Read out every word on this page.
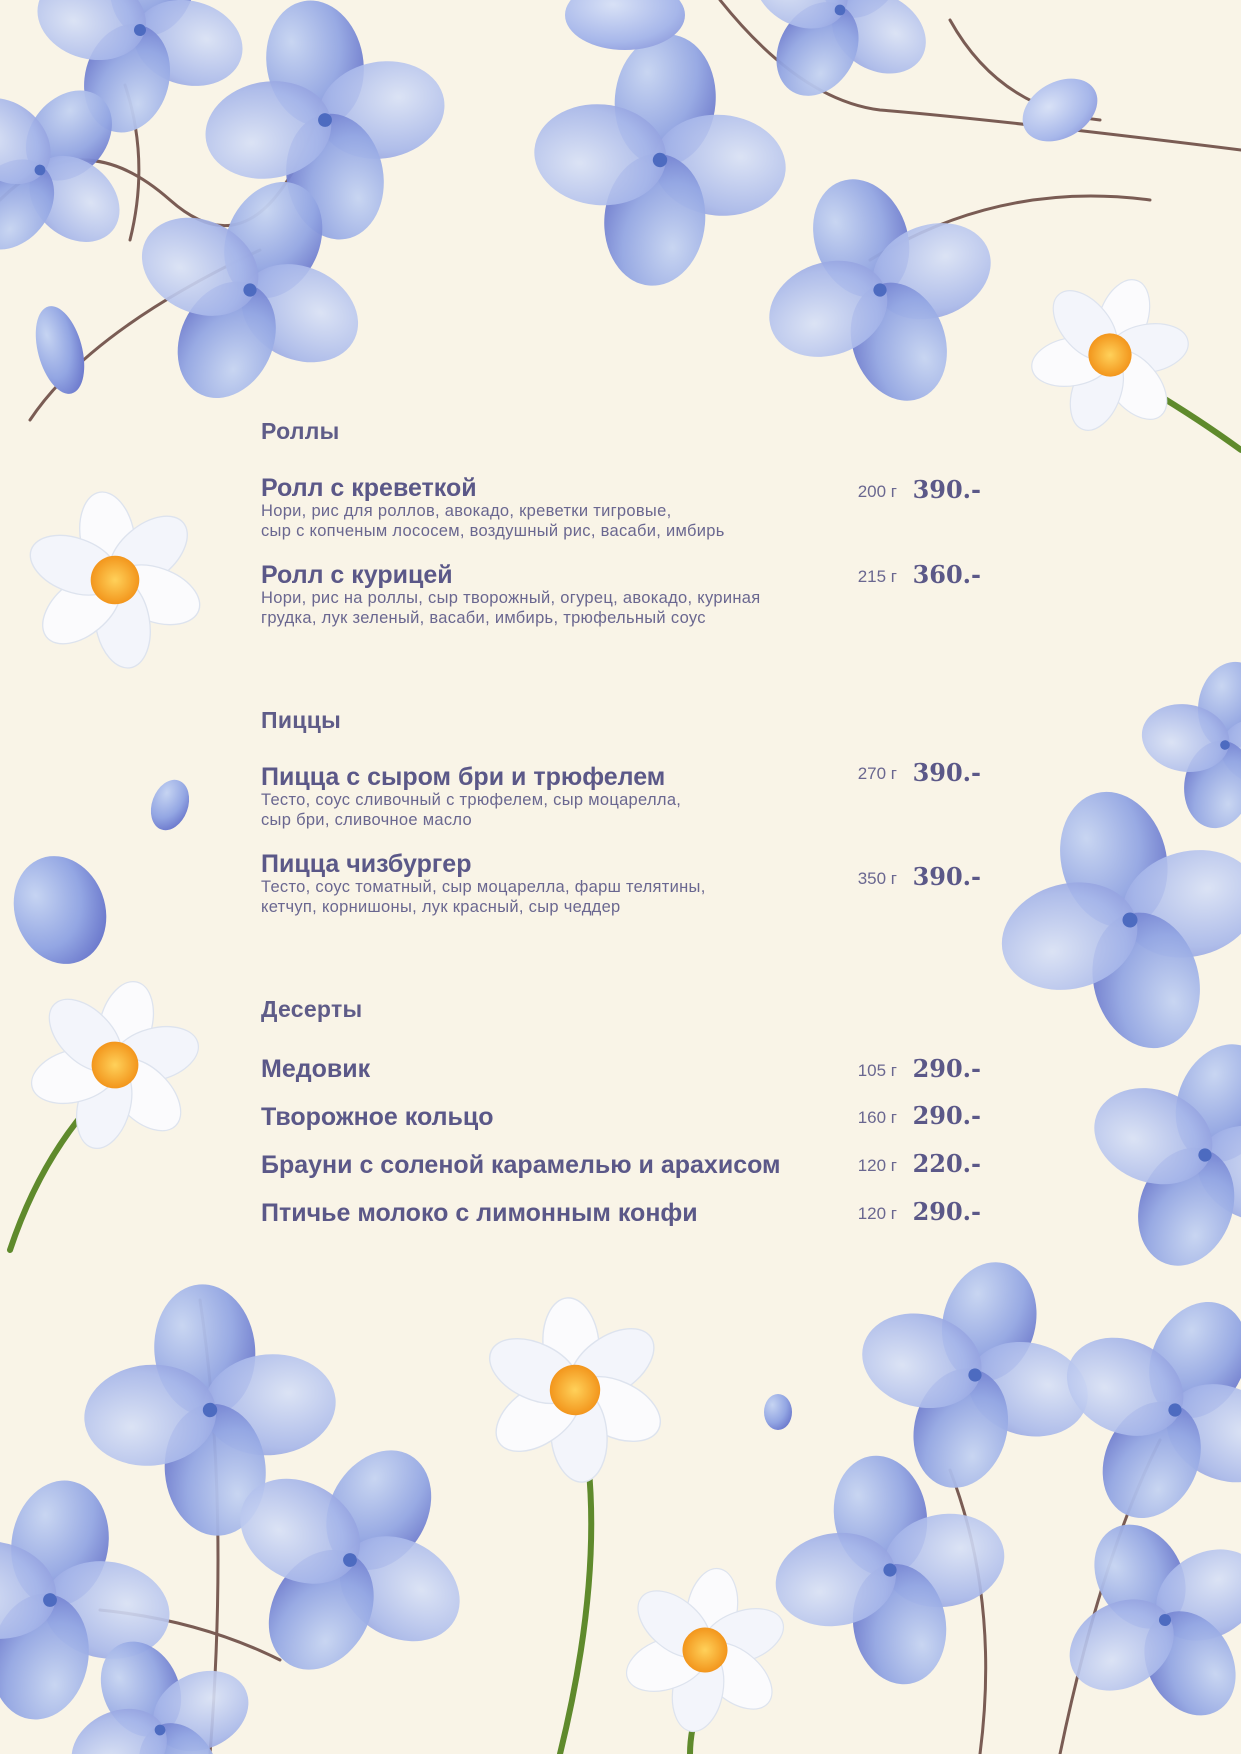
Роллы
Ролл с креветкой
Нори, рис для роллов, авокадо, креветки тигровые,
сыр с копченым лососем, воздушный рис, васаби, имбирь
200 г 390.-
Ролл с курицей
Нори, рис на роллы, сыр творожный, огурец, авокадо, куриная
грудка, лук зеленый, васаби, имбирь, трюфельный соус
215 г 360.-
Пиццы
Пицца с сыром бри и трюфелем
Тесто, соус сливочный с трюфелем, сыр моцарелла,
сыр бри, сливочное масло
270 г 390.-
Пицца чизбургер
Тесто, соус томатный, сыр моцарелла, фарш телятины,
кетчуп, корнишоны, лук красный, сыр чеддер
350 г 390.-
Десерты
Медовик	105 г 290.-
Творожное кольцо	160 г 290.-
Брауни с соленой карамелью и арахисом	120 г 220.-
Птичье молоко с лимонным конфи	120 г 290.-
